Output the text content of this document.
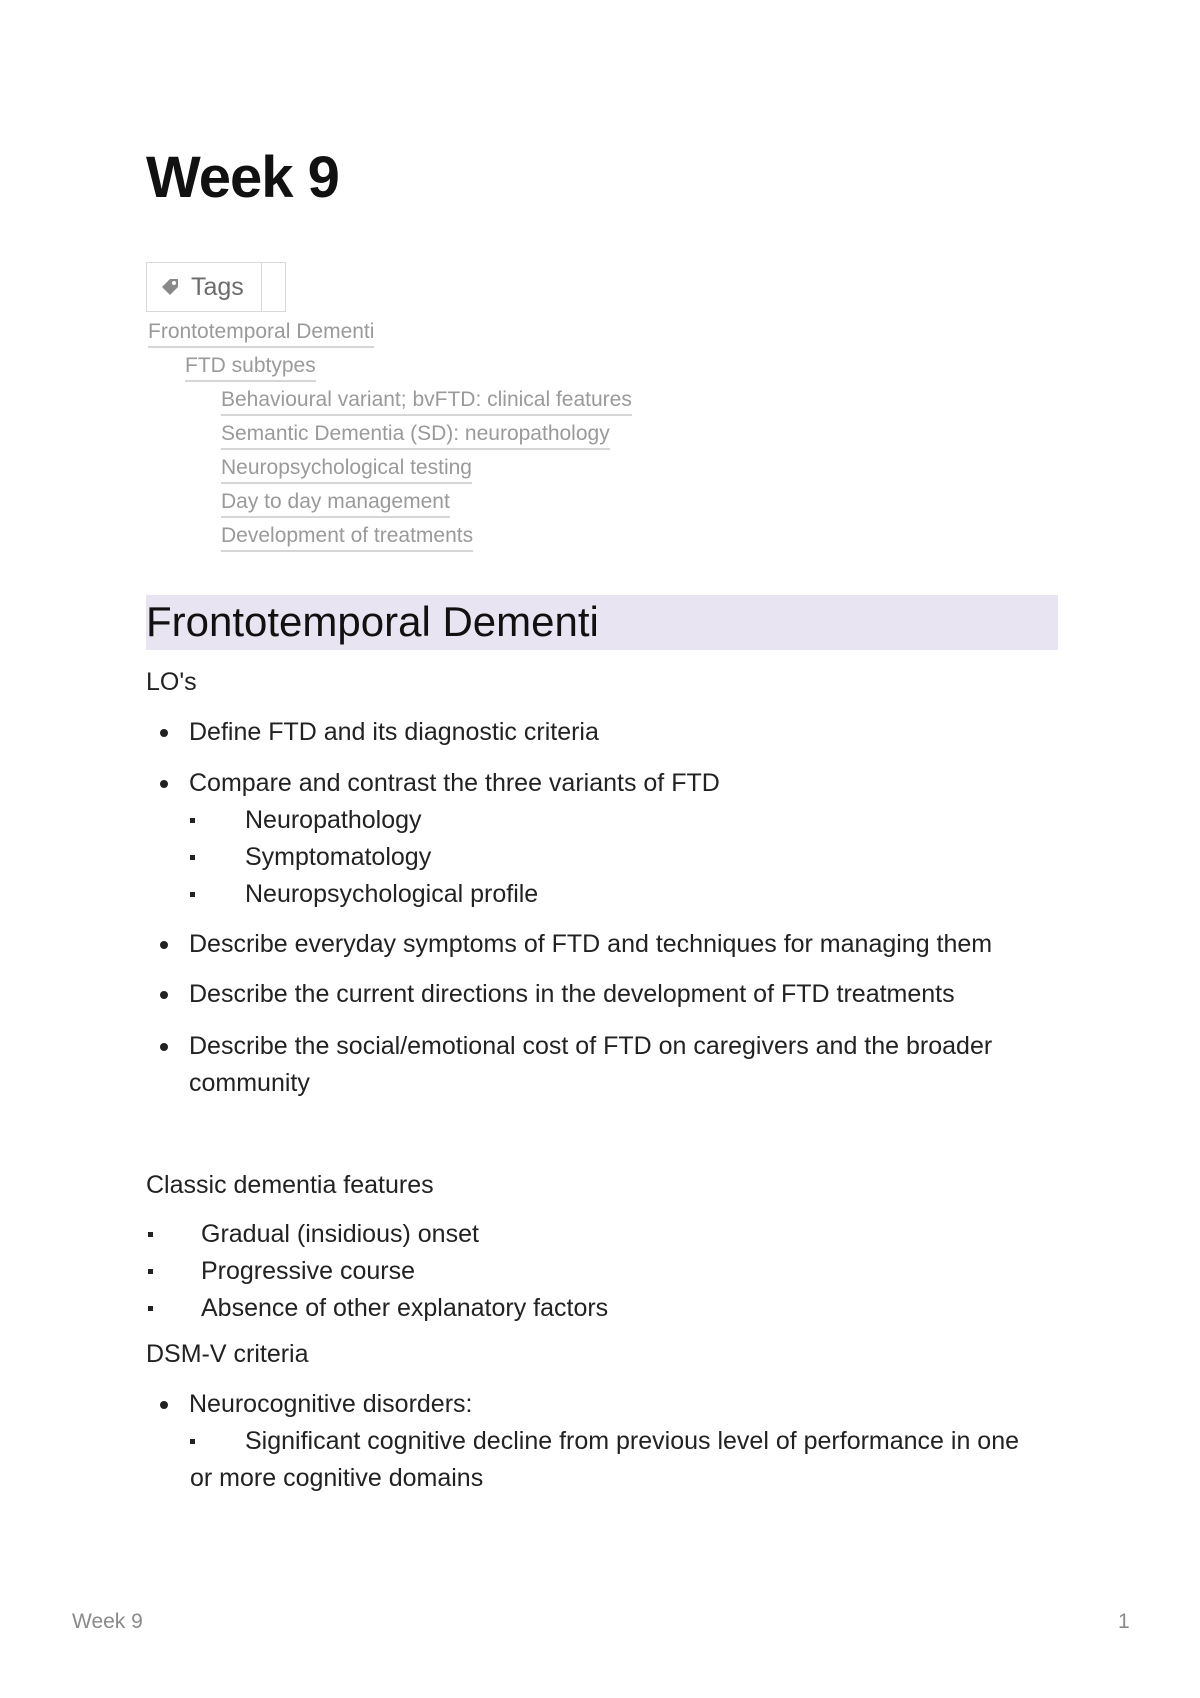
Week 9
Tags
Frontotemporal Dementi
FTD subtypes
Behavioural variant; bvFTD: clinical features
Semantic Dementia (SD): neuropathology
Neuropsychological testing
Day to day management
Development of treatments
Frontotemporal Dementi

LO's

Define FTD and its diagnostic criteria
Compare and contrast the three variants of FTD
Neuropathology
Symptomatology
Neuropsychological profile
Describe everyday symptoms of FTD and techniques for managing them
Describe the current directions in the development of FTD treatments
Describe the social/emotional cost of FTD on caregivers and the broader community

Classic dementia features

Gradual (insidious) onset
Progressive course
Absence of other explanatory factors

DSM-V criteria

Neurocognitive disorders:
Significant cognitive decline from previous level of performance in one
or more cognitive domains
Week 9	1
